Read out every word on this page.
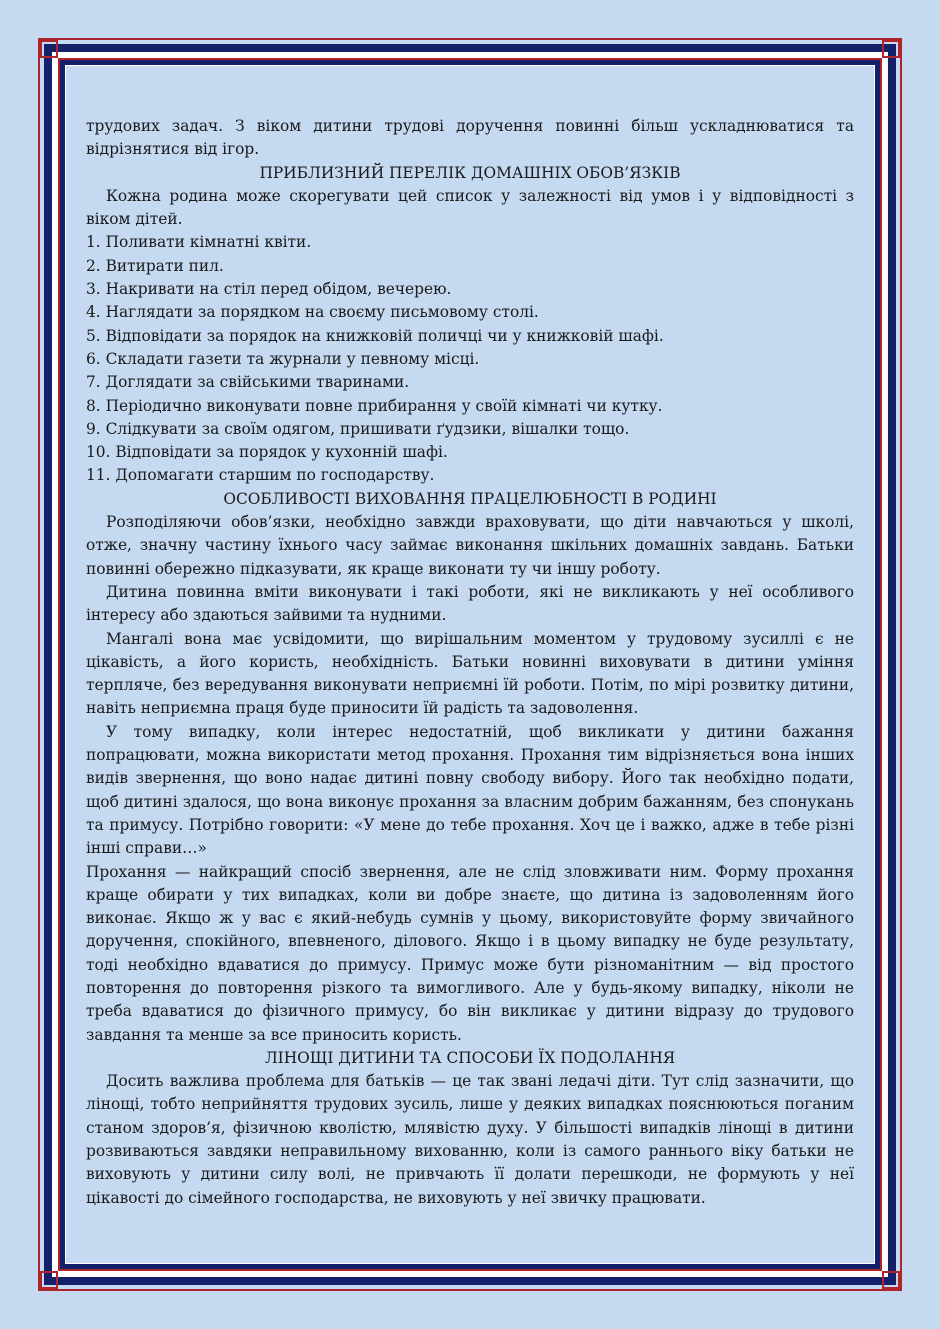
трудових задач. З віком дитини трудові доручення повинні більш ускладнюватися та відрізнятися від ігор.

ПРИБЛИЗНИЙ ПЕРЕЛІК ДОМАШНІХ ОБОВ’ЯЗКІВ

Кожна родина може скорегувати цей список у залежності від умов і у відповідності з віком дітей.

1. Поливати кімнатні квіти.
2. Витирати пил.
3. Накривати на стіл перед обідом, вечерею.
4. Наглядати за порядком на своєму письмовому столі.
5. Відповідати за порядок на книжковій поличці чи у книжковій шафі.
6. Складати газети та журнали у певному місці.
7. Доглядати за свійськими тваринами.
8. Періодично виконувати повне прибирання у своїй кімнаті чи кутку.
9. Слідкувати за своїм одягом, пришивати ґудзики, вішалки тощо.
10. Відповідати за порядок у кухонній шафі.
11. Допомагати старшим по господарству.
ОСОБЛИВОСТІ ВИХОВАННЯ ПРАЦЕЛЮБНОСТІ В РОДИНІ

Розподіляючи обов’язки, необхідно завжди враховувати, що діти навчаються у школі, отже, значну частину їхнього часу займає виконання шкільних домашніх завдань. Батьки повинні обережно підказувати, як краще виконати ту чи іншу роботу.

Дитина повинна вміти виконувати і такі роботи, які не викликають у неї особливого інтересу або здаються зайвими та нудними.

Мангалі вона має усвідомити, що вирішальним моментом у трудовому зусиллі є не цікавість, а його користь, необхідність. Батьки новинні виховувати в дитини уміння терпляче, без вередування виконувати неприємні їй роботи. Потім, по мірі розвитку дитини, навіть неприємна праця буде приносити їй радість та задоволення.

У тому випадку, коли інтерес недостатній, щоб викликати у дитини бажання попрацювати, можна використати метод прохання. Прохання тим відрізняється вона інших видів звернення, що воно надає дитині повну свободу вибору. Його так необхідно подати, щоб дитині здалося, що вона виконує прохання за власним добрим бажанням, без спонукань та примусу. Потрібно говорити: «У мене до тебе прохання. Хоч це і важко, адже в тебе різні інші справи…»

Прохання — найкращий спосіб звернення, але не слід зловживати ним. Форму прохання краще обирати у тих випадках, коли ви добре знаєте, що дитина із задоволенням його виконає. Якщо ж у вас є який-небудь сумнів у цьому, використовуйте форму звичайного доручення, спокійного, впевненого, ділового. Якщо і в цьому випадку не буде результату, тоді необхідно вдаватися до примусу. Примус може бути різноманітним — від простого повторення до повторення різкого та вимогливого. Але у будь-якому випадку, ніколи не треба вдаватися до фізичного примусу, бо він викликає у дитини відразу до трудового завдання та менше за все приносить користь.

ЛІНОЩІ ДИТИНИ ТА СПОСОБИ ЇХ ПОДОЛАННЯ

Досить важлива проблема для батьків — це так звані ледачі діти. Тут слід зазначити, що лінощі, тобто неприйняття трудових зусиль, лише у деяких випадках пояснюються поганим станом здоров’я, фізичною кволістю, млявістю духу. У більшості випадків лінощі в дитини розвиваються завдяки неправильному вихованню, коли із самого раннього віку батьки не виховують у дитини силу волі, не привчають її долати перешкоди, не формують у неї цікавості до сімейного господарства, не виховують у неї звичку працювати.
